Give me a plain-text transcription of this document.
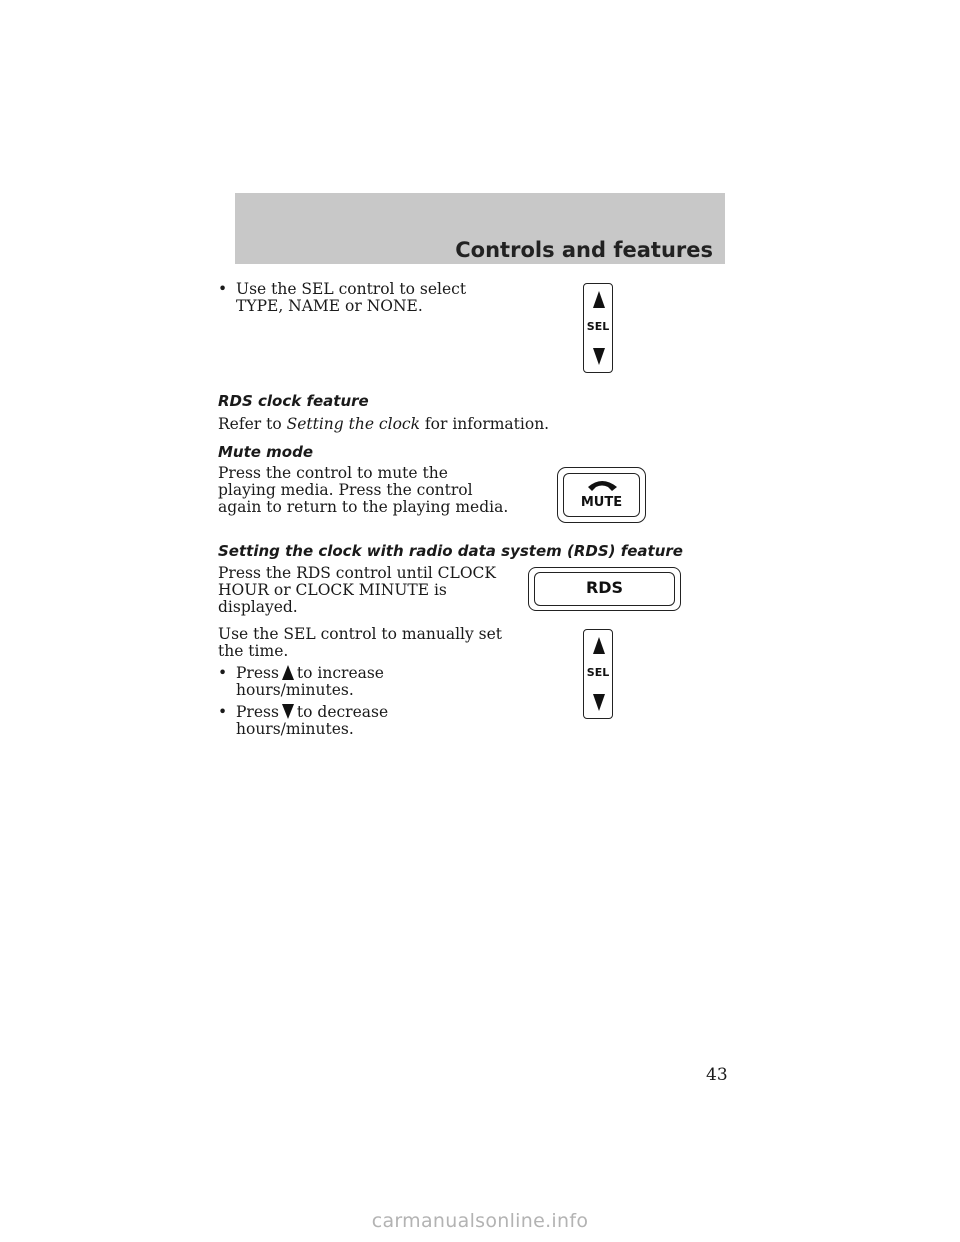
Controls and features
• Use the SEL control to select
TYPE, NAME or NONE.
SEL
RDS clock feature
Refer to Setting the clock for information.
Mute mode
Press the control to mute the
playing media. Press the control
again to return to the playing media.	MUTE
Setting the clock with radio data system (RDS) feature
Press the RDS control until CLOCK
HOUR or CLOCK MINUTE is
displayed.
RDS
Use the SEL control to manually set
the time.
• Press to increase
hours/minutes.
• Press to decrease
hours/minutes.
SEL
43
carmanualsonline.info
